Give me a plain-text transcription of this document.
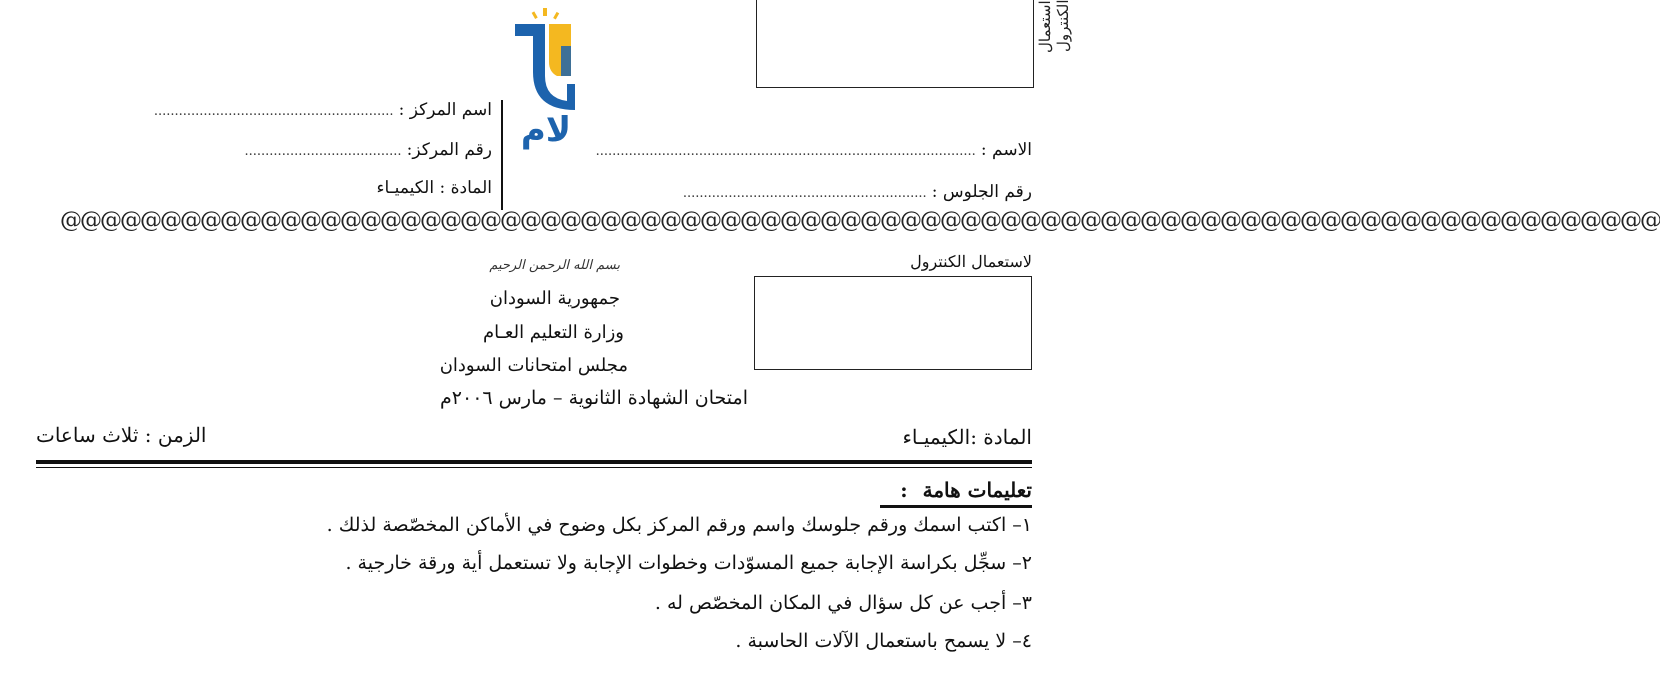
استعمال الكنترول
لام
اسم المركز : ..........................................................
رقم المركز: ......................................
المادة : الكيميـاء
الاسم : ............................................................................................
رقم الجلوس : ...........................................................
@@@@@@@@@@@@@@@@@@@@@@@@@@@@@@@@@@@@@@@@@@@@@@@@@@@@@@@@@@@@@@@@@@@@@@@@@@@@@@@@
لاستعمال الكنترول
بسم الله الرحمن الرحيم
جمهورية السودان
وزارة التعليم العـام
مجلس امتحانات السودان
امتحان الشهادة الثانوية – مارس ٢٠٠٦م
المادة :الكيميـاء
الزمن : ثلاث ساعات
تعليمات هامة :
١– اكتب اسمك ورقم جلوسك واسم ورقم المركز بكل وضوح في الأماكن المخصّصة لذلك .
٢– سجِّل بكراسة الإجابة جميع المسوّدات وخطوات الإجابة ولا تستعمل أية ورقة خارجية .
٣– أجب عن كل سؤال في المكان المخصّص له .
٤– لا يسمح باستعمال الآلات الحاسبة .
